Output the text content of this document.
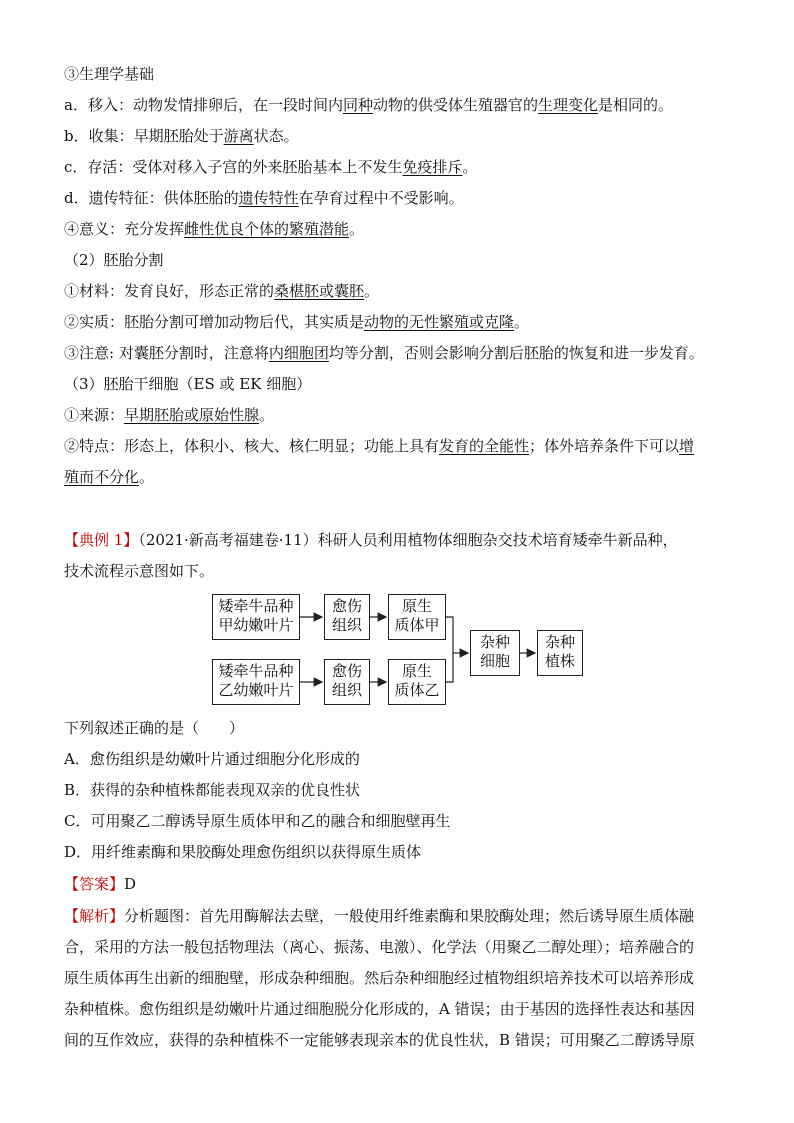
③生理学基础
a．移入：动物发情排卵后，在一段时间内同种动物的供受体生殖器官的生理变化是相同的。
b．收集：早期胚胎处于游离状态。
c．存活：受体对移入子宫的外来胚胎基本上不发生免疫排斥。
d．遗传特征：供体胚胎的遗传特性在孕育过程中不受影响。
④意义：充分发挥雌性优良个体的繁殖潜能。
（2）胚胎分割
①材料：发育良好，形态正常的桑椹胚或囊胚。
②实质：胚胎分割可增加动物后代，其实质是动物的无性繁殖或克隆。
③注意: 对囊胚分割时，注意将内细胞团均等分割，否则会影响分割后胚胎的恢复和进一步发育。
（3）胚胎干细胞（ES 或 EK 细胞）
①来源：早期胚胎或原始性腺。
②特点：形态上，体积小、核大、核仁明显；功能上具有发育的全能性；体外培养条件下可以增
殖而不分化。
【典例 1】（2021·新高考福建卷·11）科研人员利用植物体细胞杂交技术培育矮牵牛新品种，
技术流程示意图如下。
矮牵牛品种
甲幼嫩叶片
愈伤
组织
原生
质体甲
矮牵牛品种
乙幼嫩叶片
愈伤
组织
原生
质体乙
杂种
细胞
杂种
植株
下列叙述正确的是（　　）
A．愈伤组织是幼嫩叶片通过细胞分化形成的
B．获得的杂种植株都能表现双亲的优良性状
C．可用聚乙二醇诱导原生质体甲和乙的融合和细胞壁再生
D．用纤维素酶和果胶酶处理愈伤组织以获得原生质体
【答案】D
【解析】分析题图：首先用酶解法去壁，一般使用纤维素酶和果胶酶处理；然后诱导原生质体融
合，采用的方法一般包括物理法（离心、振荡、电激）、化学法（用聚乙二醇处理）；培养融合的
原生质体再生出新的细胞壁，形成杂种细胞。然后杂种细胞经过植物组织培养技术可以培养形成
杂种植株。愈伤组织是幼嫩叶片通过细胞脱分化形成的，A 错误；由于基因的选择性表达和基因
间的互作效应，获得的杂种植株不一定能够表现亲本的优良性状，B 错误；可用聚乙二醇诱导原
